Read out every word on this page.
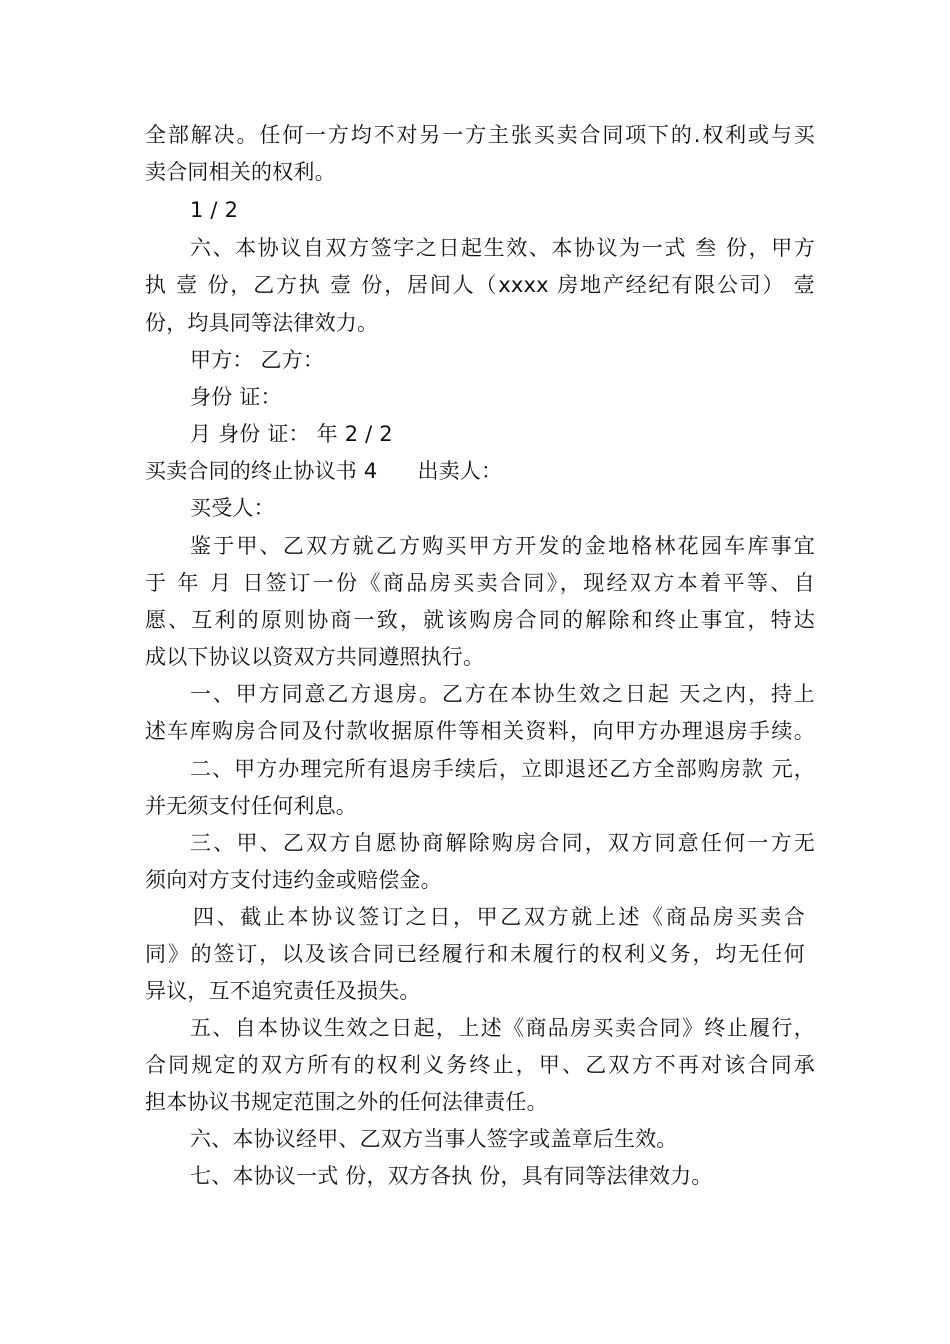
全部解决。任何一方均不对另一方主张买卖合同项下的.权利或与买
卖合同相关的权利。
1 / 2
六、本协议自双方签字之日起生效、本协议为一式 叁 份，甲方
执 壹 份，乙方执 壹 份，居间人（xxxx 房地产经纪有限公司） 壹
份，均具同等法律效力。
甲方： 乙方：
身份 证：
月 身份 证： 年 2 / 2
买卖合同的终止协议书 4 出卖人：
买受人：
鉴于甲、乙双方就乙方购买甲方开发的金地格林花园车库事宜
于 年 月 日签订一份《商品房买卖合同》，现经双方本着平等、自
愿、互利的原则协商一致，就该购房合同的解除和终止事宜，特达
成以下协议以资双方共同遵照执行。
一、甲方同意乙方退房。乙方在本协生效之日起 天之内，持上
述车库购房合同及付款收据原件等相关资料，向甲方办理退房手续。
二、甲方办理完所有退房手续后，立即退还乙方全部购房款 元，
并无须支付任何利息。
三、甲、乙双方自愿协商解除购房合同，双方同意任何一方无
须向对方支付违约金或赔偿金。
四、截止本协议签订之日，甲乙双方就上述《商品房买卖合
同》的签订，以及该合同已经履行和未履行的权利义务，均无任何
异议，互不追究责任及损失。
五、自本协议生效之日起，上述《商品房买卖合同》终止履行，
合同规定的双方所有的权利义务终止，甲、乙双方不再对该合同承
担本协议书规定范围之外的任何法律责任。
六、本协议经甲、乙双方当事人签字或盖章后生效。
七、本协议一式 份，双方各执 份，具有同等法律效力。
